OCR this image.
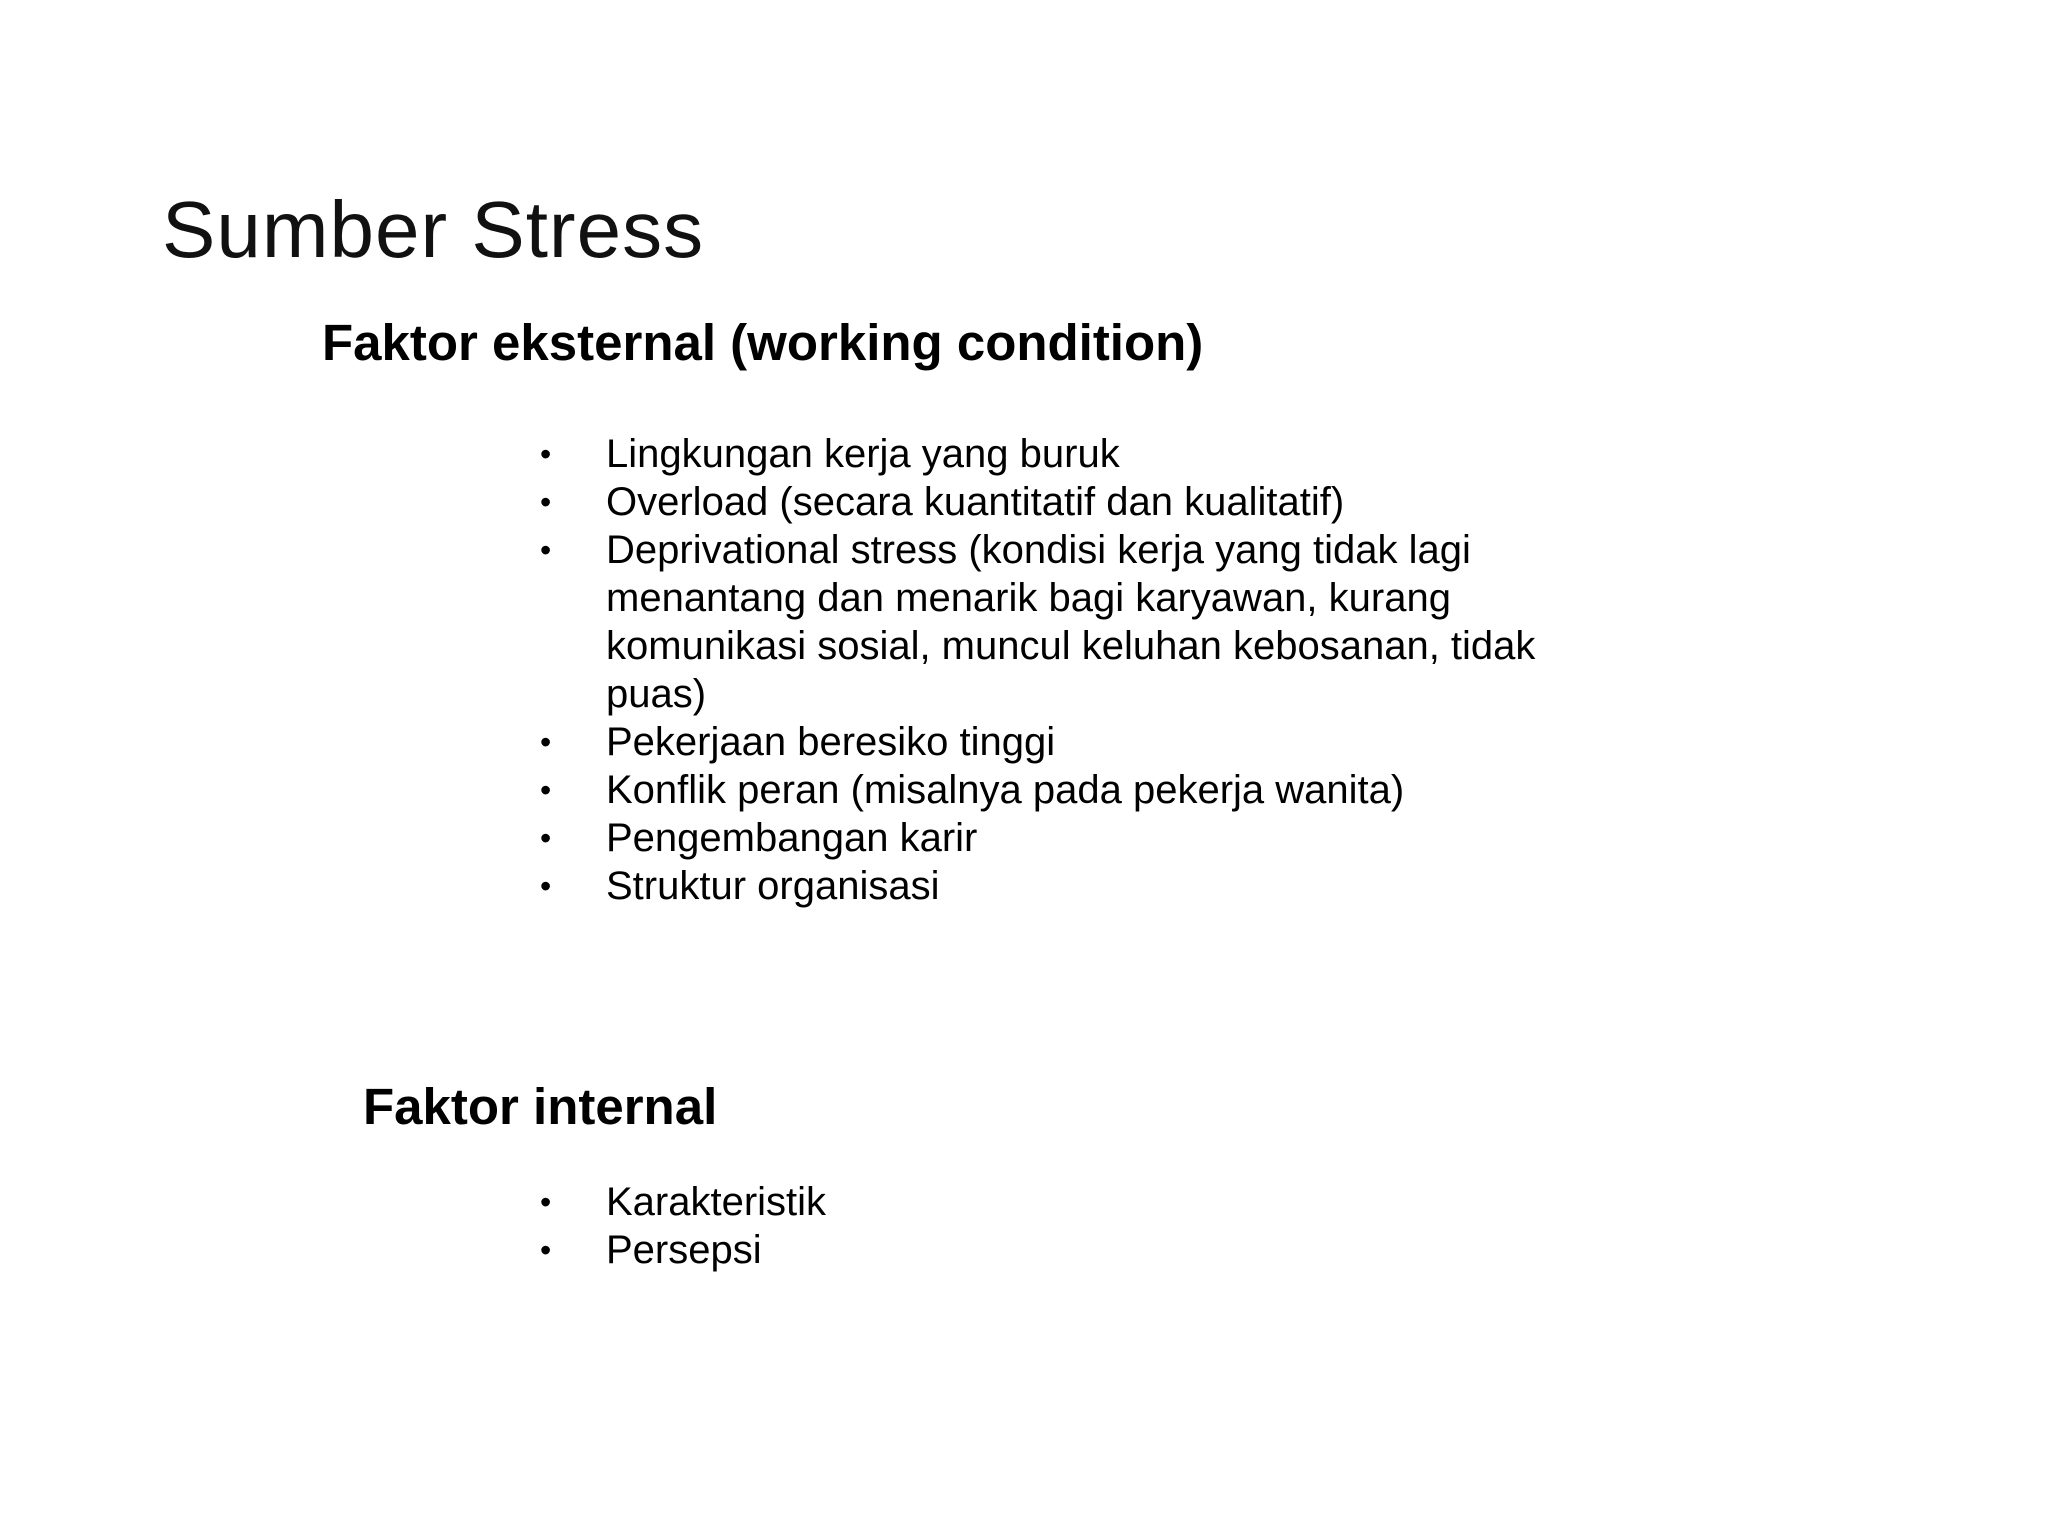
Sumber Stress
Faktor eksternal (working condition)
• Lingkungan kerja yang buruk
• Overload (secara kuantitatif dan kualitatif)
• Deprivational stress (kondisi kerja yang tidak lagi menantang dan menarik bagi karyawan, kurang komunikasi sosial, muncul keluhan kebosanan, tidak puas)
• Pekerjaan beresiko tinggi
• Konflik peran (misalnya pada pekerja wanita)
• Pengembangan karir
• Struktur organisasi
Faktor internal
• Karakteristik
• Persepsi
